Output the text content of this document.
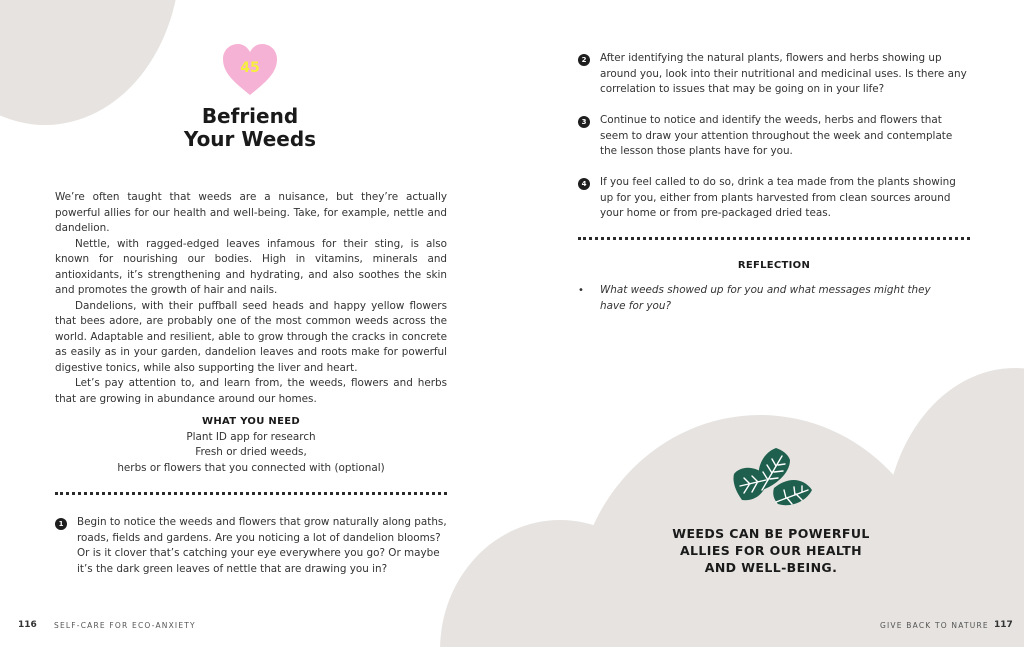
45
Befriend
Your Weeds

We’re often taught that weeds are a nuisance, but they’re actually powerful allies for our health and well-being. Take, for example, nettle and dandelion.

Nettle, with ragged-edged leaves infamous for their sting, is also known for nourishing our bodies. High in vitamins, minerals and antioxidants, it’s strengthening and hydrating, and also soothes the skin and promotes the growth of hair and nails.

Dandelions, with their puffball seed heads and happy yellow flowers that bees adore, are probably one of the most common weeds across the world. Adaptable and resilient, able to grow through the cracks in concrete as easily as in your garden, dandelion leaves and roots make for powerful digestive tonics, while also supporting the liver and heart.

Let’s pay attention to, and learn from, the weeds, flowers and herbs that are growing in abundance around our homes.

WHAT YOU NEED
Plant ID app for research
Fresh or dried weeds,
herbs or flowers that you connected with (optional)
1	Begin to notice the weeds and flowers that grow naturally along paths, roads, fields and gardens. Are you noticing a lot of dandelion blooms? Or is it clover that’s catching your eye everywhere you go? Or maybe it’s the dark green leaves of nettle that are drawing you in?
2	After identifying the natural plants, flowers and herbs showing up around you, look into their nutritional and medicinal uses. Is there any correlation to issues that may be going on in your life?
3	Continue to notice and identify the weeds, herbs and flowers that seem to draw your attention throughout the week and contemplate the lesson those plants have for you.
4	If you feel called to do so, drink a tea made from the plants showing up for you, either from plants harvested from clean sources around your home or from pre-packaged dried teas.
REFLECTION
• What weeds showed up for you and what messages might they have for you?
WEEDS CAN BE POWERFUL
ALLIES FOR OUR HEALTH
AND WELL-BEING.
116 SELF-CARE FOR ECO-ANXIETY	GIVE BACK TO NATURE 117
